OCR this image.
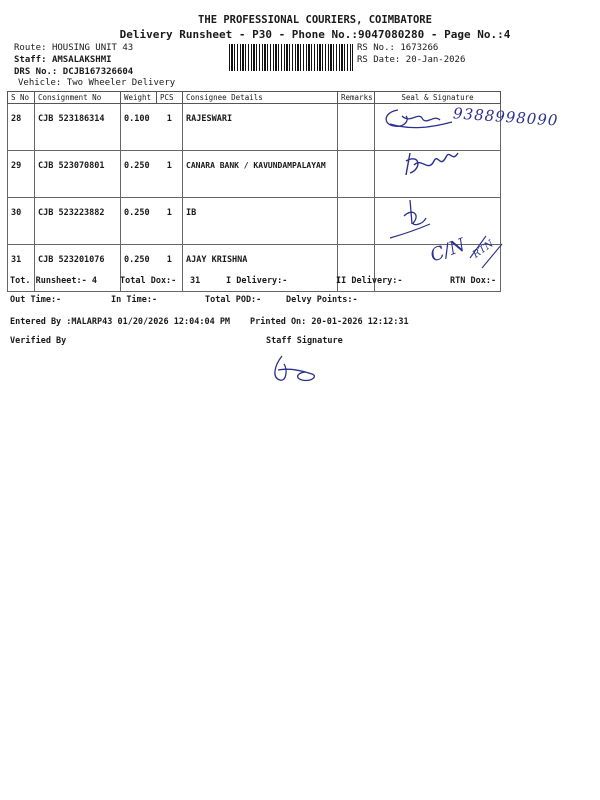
THE PROFESSIONAL COURIERS, COIMBATORE
Delivery Runsheet - P30 - Phone No.:9047080280 - Page No.:4
Route: HOUSING UNIT 43
Staff: AMSALAKSHMI
DRS No.: DCJB167326604
Vehicle: Two Wheeler Delivery
RS No.: 1673266
RS Date: 20-Jan-2026
S No	Consignment No	Weight	PCS	Consignee Details	Remarks	Seal & Signature
28	CJB 523186314	0.100	1	RAJESWARI		
29	CJB 523070801	0.250	1	CANARA BANK / KAVUNDAMPALAYAM		
30	CJB 523223882	0.250	1	IB		
31	CJB 523201076	0.250	1	AJAY KRISHNA		
9388998090
C/N RTN
Tot. Runsheet:- 4	Total Dox:- 31	I Delivery:-	II Delivery:-	RTN Dox:-
Out Time:-	In Time:-	Total POD:-	Delvy Points:-
Entered By :MALARP43 01/20/2026 12:04:04 PM Printed On: 20-01-2026 12:12:31
Verified By	Staff Signature
